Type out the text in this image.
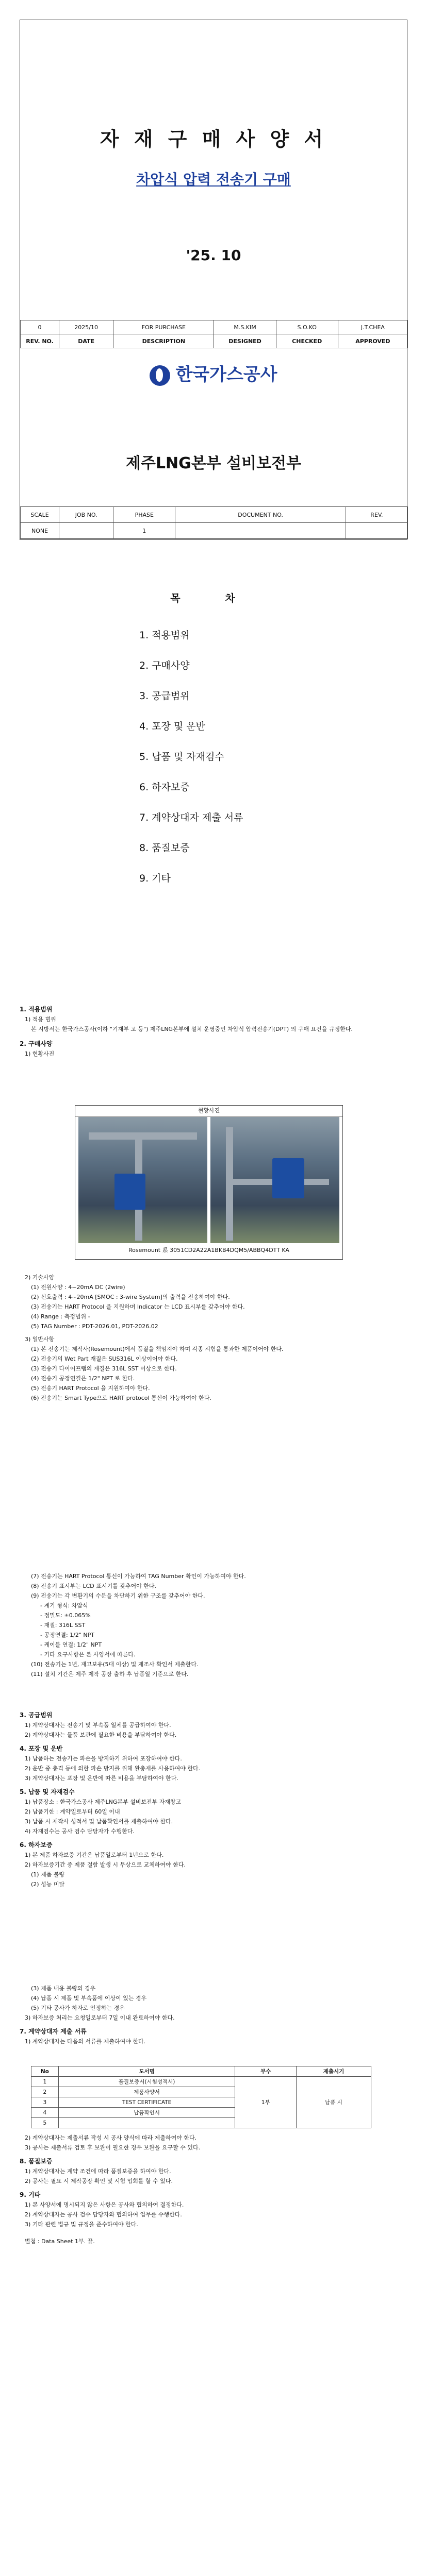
자 재 구 매 사 양 서
차압식 압력 전송기 구매
'25. 10
0	2025/10	FOR PURCHASE	M.S.KIM	S.O.KO	J.T.CHEA
REV. NO.	DATE	DESCRIPTION	DESIGNED	CHECKED	APPROVED
한국가스공사
제주LNG본부 설비보전부
SCALE	JOB NO.	PHASE	DOCUMENT NO.	REV.
NONE		1		
목 차
1. 적용범위
2. 구매사양
3. 공급범위
4. 포장 및 운반
5. 납품 및 자재검수
6. 하자보증
7. 계약상대자 제출 서류
8. 품질보증
9. 기타
1. 적용범위
1) 적용 범위
본 시방서는 한국가스공사(이하 "기재부 고 등") 제주LNG본부에 설치 운영중인 차압식 압력전송기(DPT) 의 구매 요건을 규정한다.
2. 구매사양
1) 현황사진
현황사진
Rosemount 系 3051CD2A22A1BKB4DQM5/ABBQ4DTT KA
2) 기술사양
(1) 전원사양 : 4~20mA DC (2wire)
(2) 신호출력 : 4~20mA [SMOC : 3-wire System]의 출력을 전송하여야 한다.
(3) 전송기는 HART Protocol 을 지원하며 Indicator 는 LCD 표시부를 갖추어야 한다.
(4) Range : 측정범위 -
(5) TAG Number : PDT-2026.01, PDT-2026.02
3) 일반사항
(1) 본 전송기는 제작사(Rosemount)에서 품질을 책임져야 하며 각종 시험을 통과한 제품이어야 한다.
(2) 전송기의 Wet Part 재질은 SUS316L 이상이어야 한다.
(3) 전송기 다이어프램의 재질은 316L SST 이상으로 한다.
(4) 전송기 공정연결은 1/2" NPT 로 한다.
(5) 전송기 HART Protocol 을 지원하여야 한다.
(6) 전송기는 Smart Type으로 HART protocol 통신이 가능하여야 한다.
(7) 전송기는 HART Protocol 통신이 가능하여 TAG Number 확인이 가능하여야 한다.
(8) 전송기 표시부는 LCD 표시기를 갖추어야 한다.
(9) 전송기는 각 변환기의 수분을 차단하기 위한 구조를 갖추어야 한다.
- 계기 형식: 차압식
- 정밀도: ±0.065%
- 재질: 316L SST
- 공정연결: 1/2" NPT
- 케이블 연결: 1/2" NPT
- 기타 요구사항은 본 사양서에 따른다.
(10) 전송기는 1년, 재고보유(5대 이상) 및 제조사 확인서 제출한다.
(11) 설치 기간은 제주 제작 공장 출하 후 납품일 기준으로 한다.
3. 공급범위
1) 계약상대자는 전송기 및 부속품 일체를 공급하여야 한다.
2) 계약상대자는 물품 보관에 필요한 비용을 부담하여야 한다.
4. 포장 및 운반
1) 납품하는 전송기는 파손을 방지하기 위하여 포장하여야 한다.
2) 운반 중 충격 등에 의한 파손 방지를 위해 완충재를 사용하여야 한다.
3) 계약상대자는 포장 및 운반에 따른 비용을 부담하여야 한다.
5. 납품 및 자재검수
1) 납품장소 : 한국가스공사 제주LNG본부 설비보전부 자재창고
2) 납품기한 : 계약일로부터 60일 이내
3) 납품 시 제작사 성적서 및 납품확인서를 제출하여야 한다.
4) 자재검수는 공사 검수 담당자가 수행한다.
6. 하자보증
1) 본 제품 하자보증 기간은 납품일로부터 1년으로 한다.
2) 하자보증기간 중 제품 결함 발생 시 무상으로 교체하여야 한다.
(1) 제품 불량
(2) 성능 미달
(3) 제품 내용 불량의 경우
(4) 납품 시 제품 및 부속품에 이상이 있는 경우
(5) 기타 공사가 하자로 인정하는 경우
3) 하자보증 처리는 요청일로부터 7일 이내 완료하여야 한다.
7. 계약상대자 제출 서류
1) 계약상대자는 다음의 서류를 제출하여야 한다.
No	도서명	부수	제출시기
1	품질보증서(시험성적서)	1부	납품 시
2	제품사양서		
3	TEST CERTIFICATE		
4	납품확인서		
5			
2) 계약상대자는 제출서류 작성 시 공사 양식에 따라 제출하여야 한다.
3) 공사는 제출서류 검토 후 보완이 필요한 경우 보완을 요구할 수 있다.
8. 품질보증
1) 계약상대자는 계약 조건에 따라 품질보증을 하여야 한다.
2) 공사는 필요 시 제작공장 확인 및 시험 입회를 할 수 있다.
9. 기타
1) 본 사양서에 명시되지 않은 사항은 공사와 협의하여 결정한다.
2) 계약상대자는 공사 검수 담당자와 협의하여 업무를 수행한다.
3) 기타 관련 법규 및 규정을 준수하여야 한다.
별첨 : Data Sheet 1부. 끝.
